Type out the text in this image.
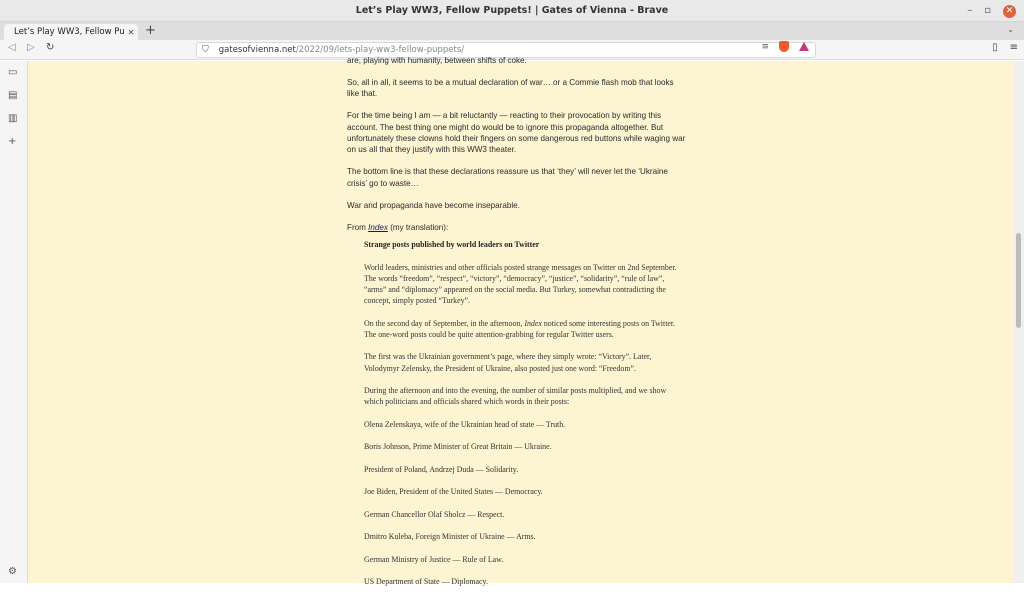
Let’s Play WW3, Fellow Puppets! | Gates of Vienna - Brave	– ▫	✕
Let’s Play WW3, Fellow Pu ✕ +	⌄
◁ ▷ ↻	⛉ gatesofvienna.net/2022/09/lets-play-ww3-fellow-puppets/	≡	▯ ≡
▭
▤
▥
+
⚙

are, playing with humanity, between shifts of coke.

So, all in all, it seems to be a mutual declaration of war… or a Commie flash mob that looks like that.

For the time being I am — a bit reluctantly — reacting to their provocation by writing this account. The best thing one might do would be to ignore this propaganda altogether. But unfortunately these clowns hold their fingers on some dangerous red buttons while waging war on us all that they justify with this WW3 theater.

The bottom line is that these declarations reassure us that ‘they’ will never let the ‘Ukraine crisis’ go to waste…

War and propaganda have become inseparable.

From Index (my translation):

Strange posts published by world leaders on Twitter

World leaders, ministries and other officials posted strange messages on Twitter on 2nd September. The words “freedom”, “respect”, “victory”, “democracy”, “justice”, “solidarity”, “rule of law”, “arms” and “diplomacy” appeared on the social media. But Turkey, somewhat contradicting the concept, simply posted “Turkey”.

On the second day of September, in the afternoon, Index noticed some interesting posts on Twitter. The one-word posts could be quite attention-grabbing for regular Twitter users.

The first was the Ukrainian government’s page, where they simply wrote: “Victory”. Later, Volodymyr Zelensky, the President of Ukraine, also posted just one word: “Freedom”.

During the afternoon and into the evening, the number of similar posts multiplied, and we show which politicians and officials shared which words in their posts:

Olena Zelenskaya, wife of the Ukrainian head of state — Truth.

Boris Johnson, Prime Minister of Great Britain — Ukraine.

President of Poland, Andrzej Duda — Solidarity.

Joe Biden, President of the United States — Democracy.

German Chancellor Olaf Sholcz — Respect.

Dmitro Kuleba, Foreign Minister of Ukraine — Arms.

German Ministry of Justice — Rule of Law.

US Department of State — Diplomacy.
